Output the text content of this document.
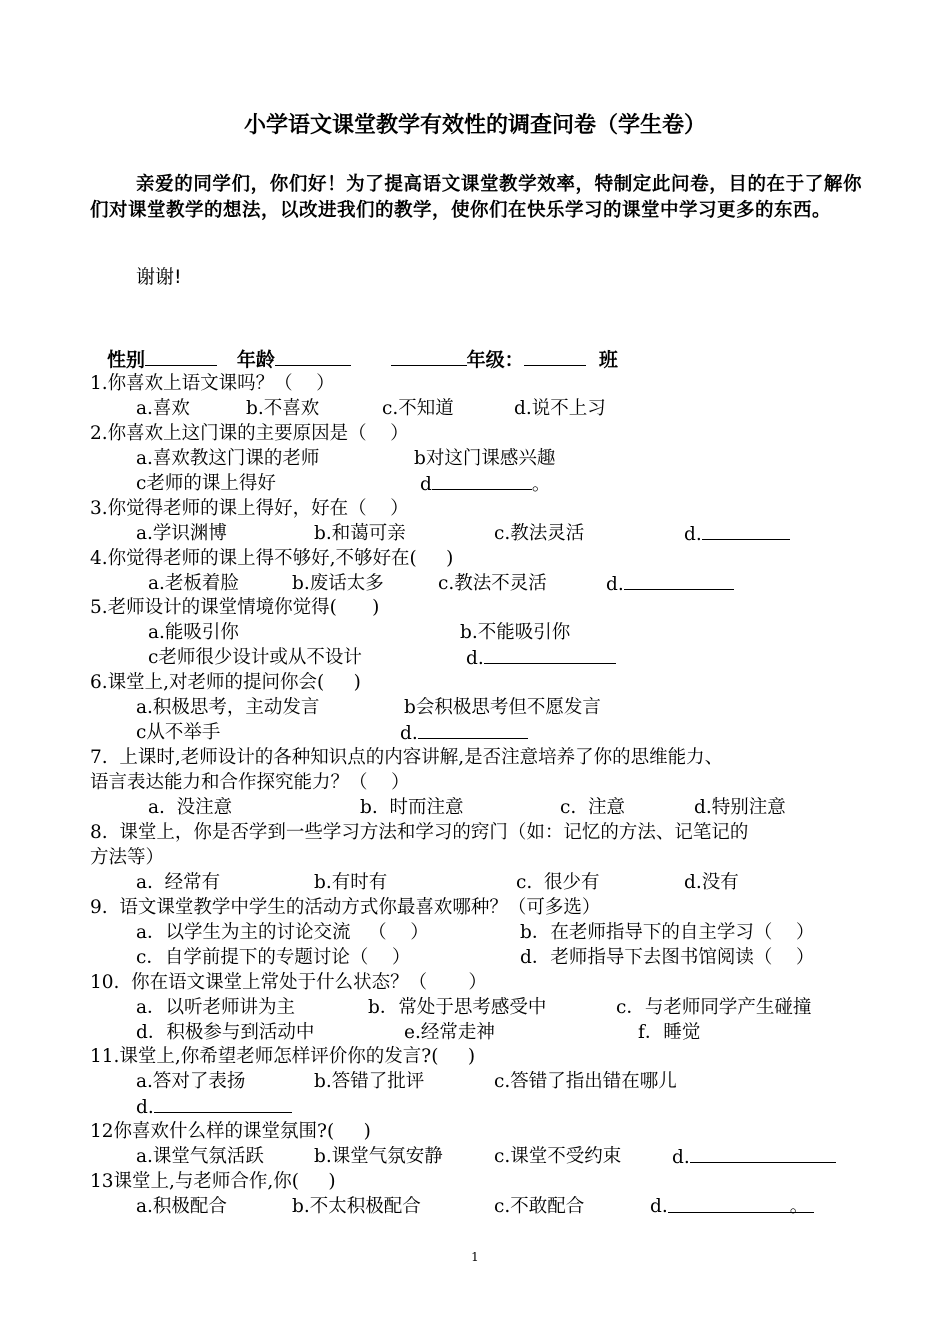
小学语文课堂教学有效性的调查问卷（学生卷）
亲爱的同学们，你们好！为了提高语文课堂教学效率，特制定此问卷，目的在于了解你们对课堂教学的想法，以改进我们的教学，使你们在快乐学习的课堂中学习更多的东西。
谢谢!
性别	年龄	年级：	班
1.你喜欢上语文课吗？（    ）
a.喜欢	b.不喜欢	c.不知道	d.说不上习
2.你喜欢上这门课的主要原因是（    ）
a.喜欢教这门课的老师	b对这门课感兴趣
c老师的课上得好	d	。
3.你觉得老师的课上得好，好在（    ）
a.学识渊博	b.和蔼可亲	c.教法灵活	d.
4.你觉得老师的课上得不够好,不够好在(     )
a.老板着脸	b.废话太多	c.教法不灵活	d.
5.老师设计的课堂情境你觉得(      )
a.能吸引你	b.不能吸引你
c老师很少设计或从不设计	d.
6.课堂上,对老师的提问你会(     )
a.积极思考，主动发言	b会积极思考但不愿发言
c从不举手	d.
7.  上课时,老师设计的各种知识点的内容讲解,是否注意培养了你的思维能力、
语言表达能力和合作探究能力？（    ）
a.  没注意	b.  时而注意	c.  注意	d.特别注意
8.  课堂上，你是否学到一些学习方法和学习的窍门（如：记忆的方法、记笔记的
方法等）
a.  经常有	b.有时有	c.  很少有	d.没有
9.  语文课堂教学中学生的活动方式你最喜欢哪种？（可多选）
a．以学生为主的讨论交流   （    ）	b．在老师指导下的自主学习（    ）
c．自学前提下的专题讨论（    ）	d．老师指导下去图书馆阅读（    ）
10.  你在语文课堂上常处于什么状态？（       ）
a．以听老师讲为主	b．常处于思考感受中	c．与老师同学产生碰撞
d．积极参与到活动中	e.经常走神	f．睡觉
11.课堂上,你希望老师怎样评价你的发言?(     )
a.答对了表扬	b.答错了批评	c.答错了指出错在哪儿
d.
12你喜欢什么样的课堂氛围?(     )
a.课堂气氛活跃	b.课堂气氛安静	c.课堂不受约束	d.
13课堂上,与老师合作,你(     )
a.积极配合	b.不太积极配合	c.不敢配合	d.	。
1
